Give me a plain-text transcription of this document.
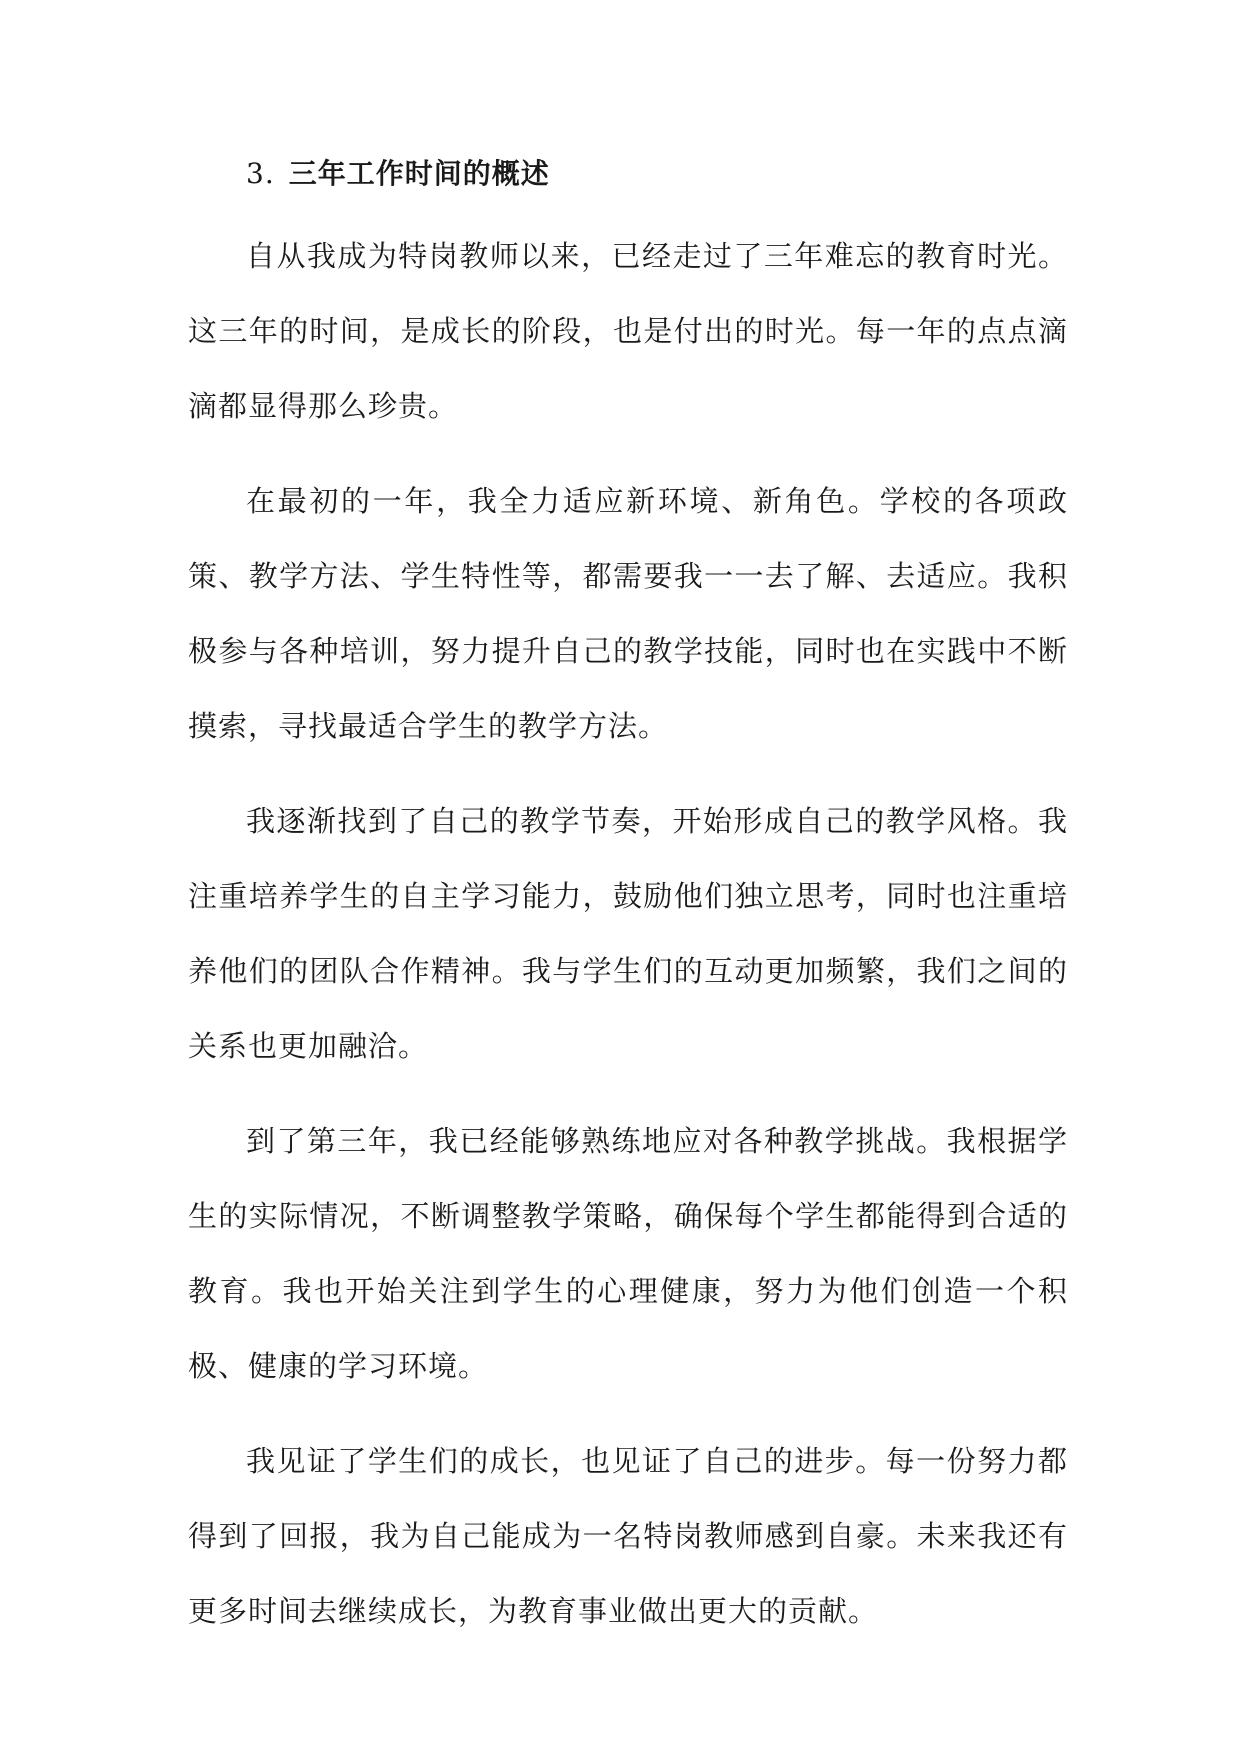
3. 三年工作时间的概述

自从我成为特岗教师以来，已经走过了三年难忘的教育时光。这三年的时间，是成长的阶段，也是付出的时光。每一年的点点滴滴都显得那么珍贵。

在最初的一年，我全力适应新环境、新角色。学校的各项政策、教学方法、学生特性等，都需要我一一去了解、去适应。我积极参与各种培训，努力提升自己的教学技能，同时也在实践中不断摸索，寻找最适合学生的教学方法。

我逐渐找到了自己的教学节奏，开始形成自己的教学风格。我注重培养学生的自主学习能力，鼓励他们独立思考，同时也注重培养他们的团队合作精神。我与学生们的互动更加频繁，我们之间的关系也更加融洽。

到了第三年，我已经能够熟练地应对各种教学挑战。我根据学生的实际情况，不断调整教学策略，确保每个学生都能得到合适的教育。我也开始关注到学生的心理健康，努力为他们创造一个积极、健康的学习环境。

我见证了学生们的成长，也见证了自己的进步。每一份努力都得到了回报，我为自己能成为一名特岗教师感到自豪。未来我还有更多时间去继续成长，为教育事业做出更大的贡献。
